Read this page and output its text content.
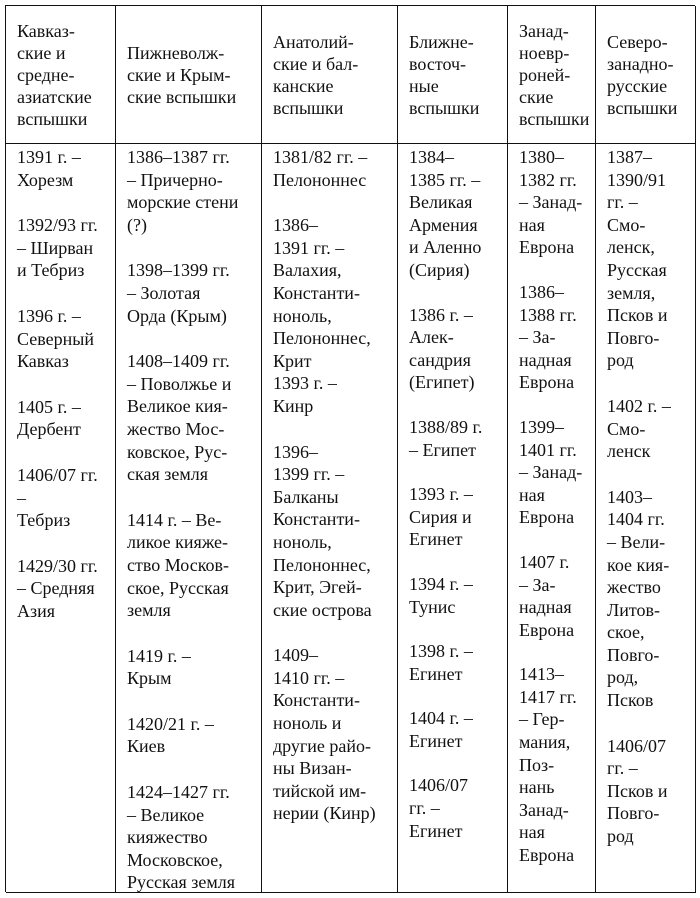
Кавказ-
ские и
средне-
азиатские
вспышки
Пижневолж-
ские и Крым-
ские вспышки
Анатолий-
ские и бал-
канские
вспышки
Ближне-
восточ-
ные
вспышки
Занад-
ноевр-
роней-
ские
вспышки
Северо-
занадно-
русские
вспышки
1391 г. –
Хорезм
1392/93 гг.
– Ширван
и Тебриз
1396 г. –
Северный
Кавказ
1405 г. –
Дербент
1406/07 гг.
–
Тебриз
1429/30 гг.
– Средняя
Азия
1386–1387 гг.
– Причерно-
морские стени
(?)
1398–1399 гг.
– Золотая
Орда (Крым)
1408–1409 гг.
– Поволжье и
Великое кия-
жество Мос-
ковское, Рус-
ская земля
1414 г. – Ве-
ликое кияже-
ство Москов-
ское, Русская
земля
1419 г. –
Крым
1420/21 г. –
Киев
1424–1427 гг.
– Великое
кияжество
Московское,
Русская земля
1381/82 гг. –
Пелононнес
1386–
1391 гг. –
Валахия,
Константи-
ноноль,
Пелононнес,
Крит
1393 г. –
Кинр
1396–
1399 гг. –
Балканы
Константи-
ноноль,
Пелононнес,
Крит, Эгей-
ские острова
1409–
1410 гг. –
Константи-
ноноль и
другие райо-
ны Визан-
тийской им-
нерии (Кинр)
1384–
1385 гг. –
Великая
Армения
и Аленно
(Сирия)
1386 г. –
Алек-
сандрия
(Египет)
1388/89 г.
– Египет
1393 г. –
Сирия и
Егинет
1394 г. –
Тунис
1398 г. –
Егинет
1404 г. –
Егинет
1406/07
гг. –
Егинет
1380–
1382 гг.
– Занад-
ная
Еврона
1386–
1388 гг.
– За-
надная
Еврона
1399–
1401 гг.
– Занад-
ная
Еврона
1407 г.
– За-
надная
Еврона
1413–
1417 гг.
– Гер-
мания,
Поз-
нань
Занад-
ная
Еврона
1387–
1390/91
гг. –
Смо-
ленск,
Русская
земля,
Псков и
Повго-
род
1402 г. –
Смо-
ленск
1403–
1404 гг.
– Вели-
кое кия-
жество
Литов-
ское,
Повго-
род,
Псков
1406/07
гг. –
Псков и
Повго-
род
